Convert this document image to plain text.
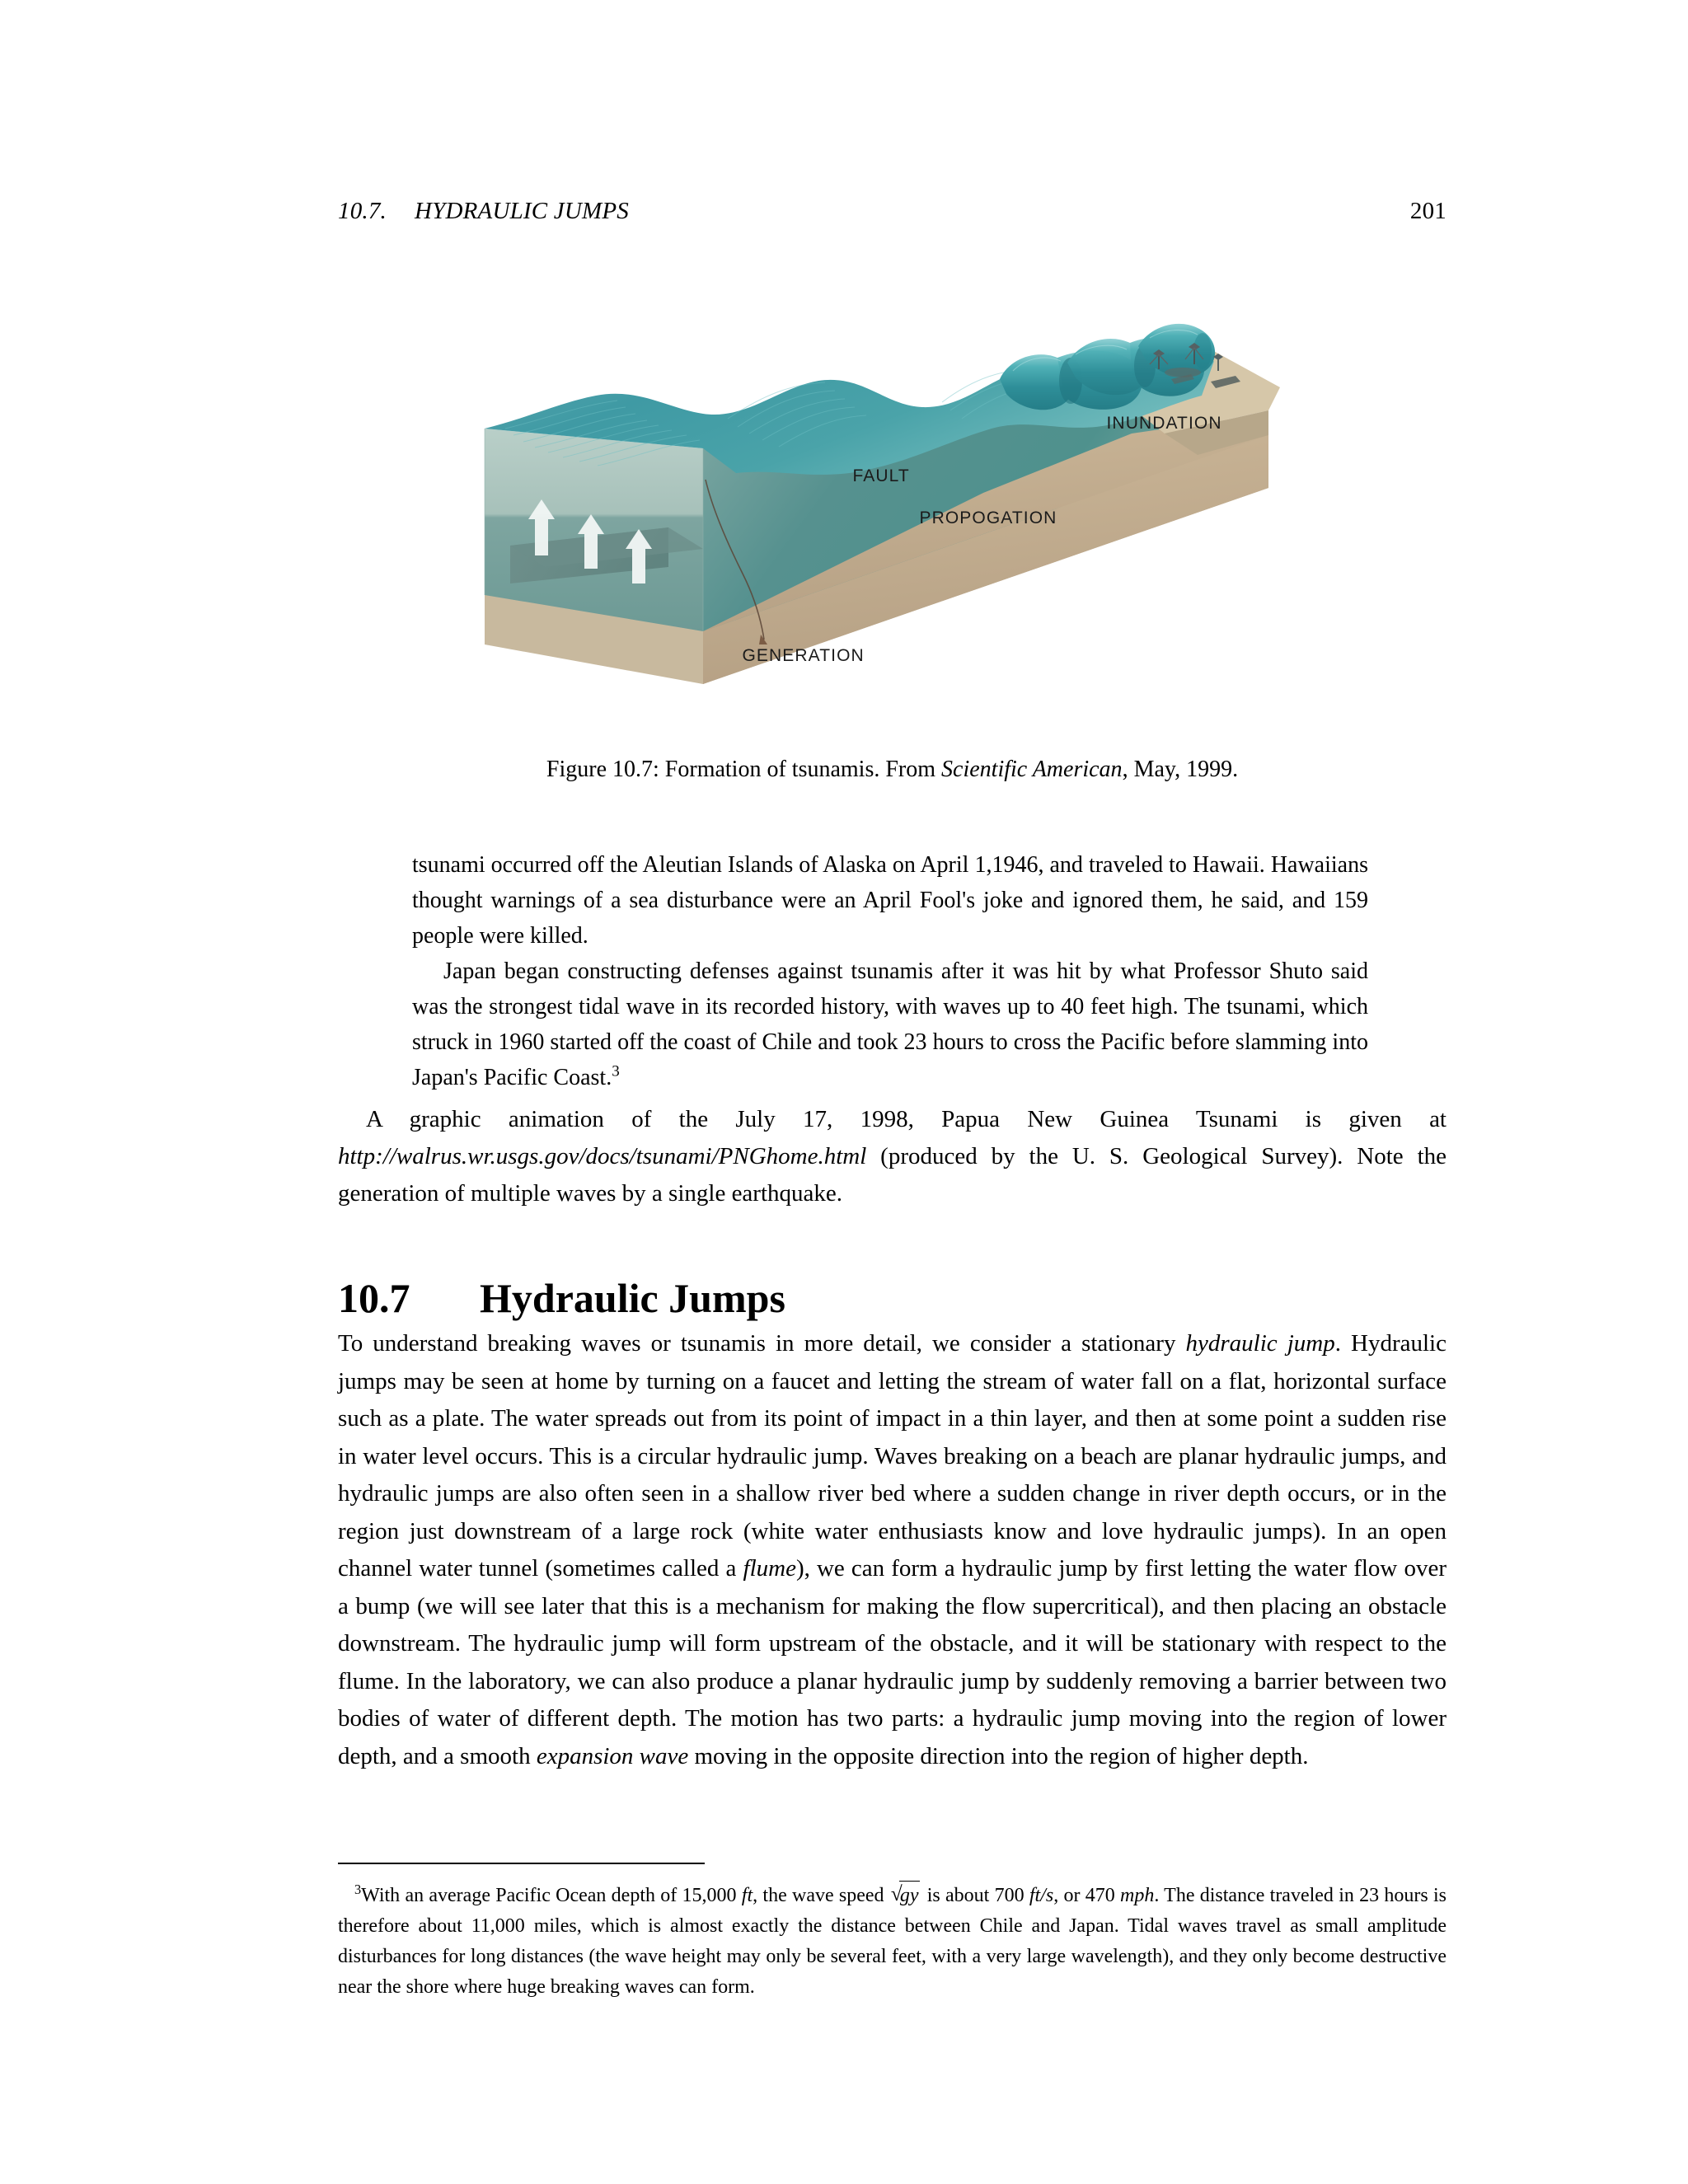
10.7. HYDRAULIC JUMPS	201
FAULT
PROPOGATION
GENERATION
INUNDATION
Figure 10.7: Formation of tsunamis. From Scientific American, May, 1999.

tsunami occurred off the Aleutian Islands of Alaska on April 1,1946, and traveled to Hawaii. Hawaiians thought warnings of a sea disturbance were an April Fool's joke and ignored them, he said, and 159 people were killed.

Japan began constructing defenses against tsunamis after it was hit by what Professor Shuto said was the strongest tidal wave in its recorded history, with waves up to 40 feet high. The tsunami, which struck in 1960 started off the coast of Chile and took 23 hours to cross the Pacific before slamming into Japan's Pacific Coast.$^3$

A graphic animation of the July 17, 1998, Papua New Guinea Tsunami is given at http://walrus.wr.usgs.gov/docs/tsunami/PNGhome.html (produced by the U. S. Geological Survey). Note the generation of multiple waves by a single earthquake.
10.7	Hydraulic Jumps
To understand breaking waves or tsunamis in more detail, we consider a stationary hydraulic jump. Hydraulic jumps may be seen at home by turning on a faucet and letting the stream of water fall on a flat, horizontal surface such as a plate. The water spreads out from its point of impact in a thin layer, and then at some point a sudden rise in water level occurs. This is a circular hydraulic jump. Waves breaking on a beach are planar hydraulic jumps, and hydraulic jumps are also often seen in a shallow river bed where a sudden change in river depth occurs, or in the region just downstream of a large rock (white water enthusiasts know and love hydraulic jumps). In an open channel water tunnel (sometimes called a flume), we can form a hydraulic jump by first letting the water flow over a bump (we will see later that this is a mechanism for making the flow supercritical), and then placing an obstacle downstream. The hydraulic jump will form upstream of the obstacle, and it will be stationary with respect to the flume. In the laboratory, we can also produce a planar hydraulic jump by suddenly removing a barrier between two bodies of water of different depth. The motion has two parts: a hydraulic jump moving into the region of lower depth, and a smooth expansion wave moving in the opposite direction into the region of higher depth.
$^3$With an average Pacific Ocean depth of 15,000 ft, the wave speed
√ gy is about 700 ft/s, or 470 mph. The distance traveled in 23 hours is therefore about 11,000 miles, which is almost exactly the distance between Chile and Japan. Tidal waves travel as small amplitude disturbances for long distances (the wave height may only be several feet, with a very large wavelength), and they only become destructive near the shore where huge breaking waves can form.
